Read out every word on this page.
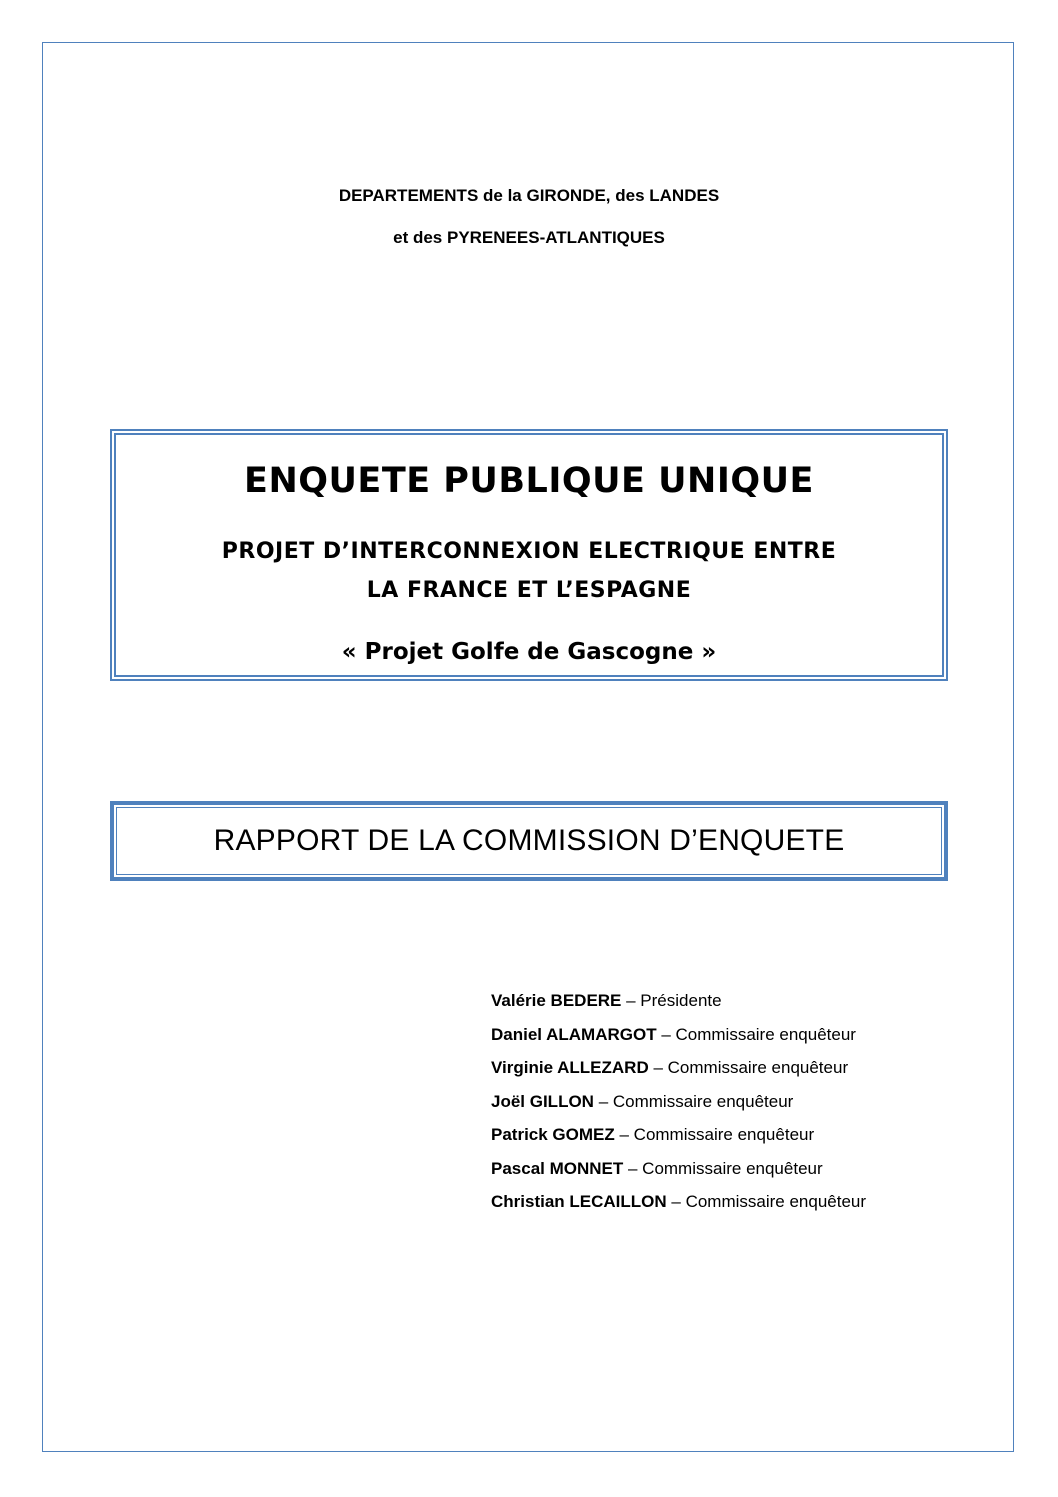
DEPARTEMENTS de la GIRONDE, des LANDES
et des PYRENEES-ATLANTIQUES
ENQUETE PUBLIQUE UNIQUE
PROJET D’INTERCONNEXION ELECTRIQUE ENTRE
LA FRANCE ET L’ESPAGNE
« Projet Golfe de Gascogne »
RAPPORT DE LA COMMISSION D’ENQUETE
Valérie BEDERE – Présidente
Daniel ALAMARGOT – Commissaire enquêteur
Virginie ALLEZARD – Commissaire enquêteur
Joël GILLON – Commissaire enquêteur
Patrick GOMEZ – Commissaire enquêteur
Pascal MONNET – Commissaire enquêteur
Christian LECAILLON – Commissaire enquêteur
